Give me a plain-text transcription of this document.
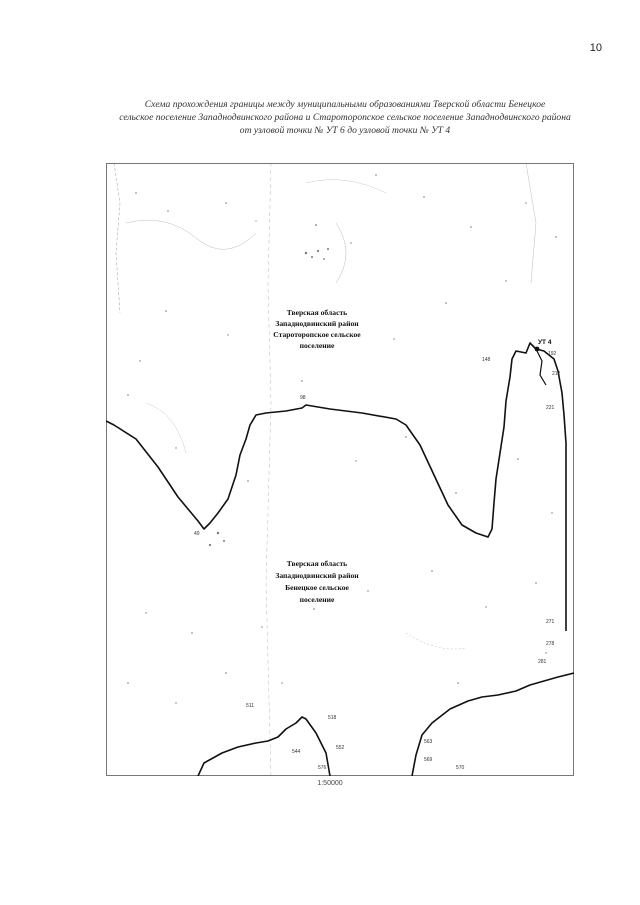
10
Схема прохождения границы между муниципальными образованиями Тверской области Бенецкое
сельское поселение Западнодвинского района и Староторопское сельское поселение Западнодвинского района
от узловой точки № УТ 6 до узловой точки № УТ 4
УТ 4
148
98
192
212
221
49
271
278
281
511
518
552
544
576
563
569
570
Тверская область
Западнодвинский район
Староторопское сельское
поселение
Тверская область
Западнодвинский район
Бенецкое сельское
поселение
1:50000
